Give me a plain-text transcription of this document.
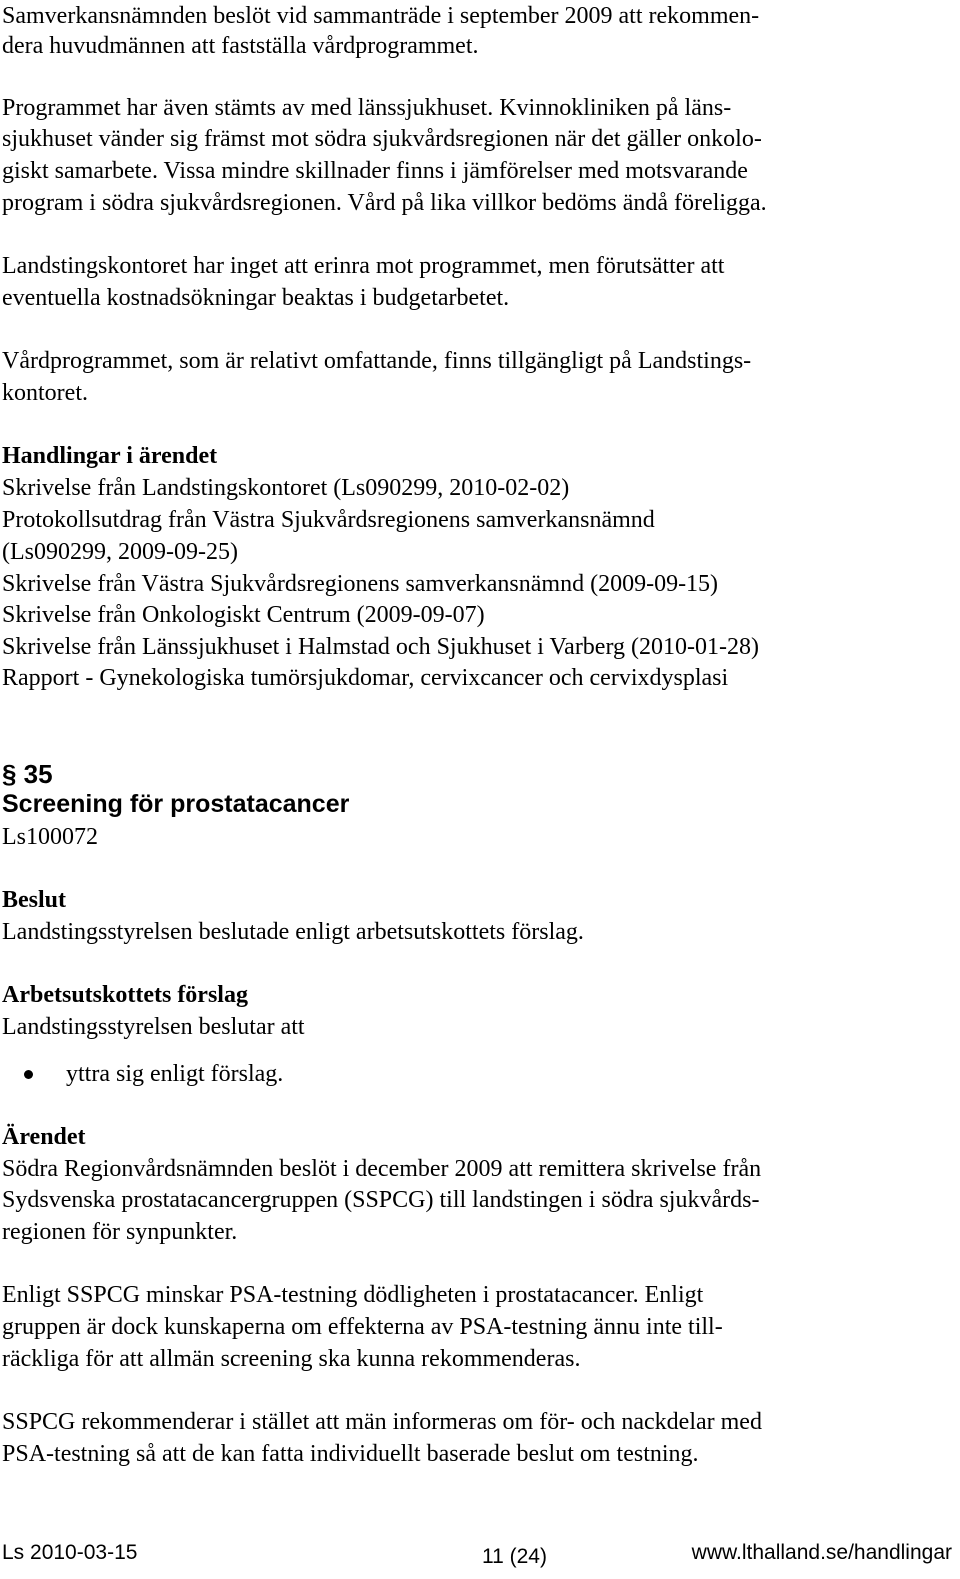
Samverkansnämnden beslöt vid sammanträde i september 2009 att rekommen-
dera huvudmännen att fastställa vårdprogrammet.
Programmet har även stämts av med länssjukhuset. Kvinnokliniken på läns-
sjukhuset vänder sig främst mot södra sjukvårdsregionen när det gäller onkolo-
giskt samarbete. Vissa mindre skillnader finns i jämförelser med motsvarande
program i södra sjukvårdsregionen. Vård på lika villkor bedöms ändå föreligga.
Landstingskontoret har inget att erinra mot programmet, men förutsätter att
eventuella kostnadsökningar beaktas i budgetarbetet.
Vårdprogrammet, som är relativt omfattande, finns tillgängligt på Landstings-
kontoret.
Handlingar i ärendet
Skrivelse från Landstingskontoret (Ls090299, 2010-02-02)
Protokollsutdrag från Västra Sjukvårdsregionens samverkansnämnd
(Ls090299, 2009-09-25)
Skrivelse från Västra Sjukvårdsregionens samverkansnämnd (2009-09-15)
Skrivelse från Onkologiskt Centrum (2009-09-07)
Skrivelse från Länssjukhuset i Halmstad och Sjukhuset i Varberg (2010-01-28)
Rapport - Gynekologiska tumörsjukdomar, cervixcancer och cervixdysplasi
§ 35
Screening för prostatacancer
Ls100072
Beslut
Landstingsstyrelsen beslutade enligt arbetsutskottets förslag.
Arbetsutskottets förslag
Landstingsstyrelsen beslutar att
yttra sig enligt förslag.
Ärendet
Södra Regionvårdsnämnden beslöt i december 2009 att remittera skrivelse från
Sydsvenska prostatacancergruppen (SSPCG) till landstingen i södra sjukvårds-
regionen för synpunkter.
Enligt SSPCG minskar PSA-testning dödligheten i prostatacancer. Enligt
gruppen är dock kunskaperna om effekterna av PSA-testning ännu inte till-
räckliga för att allmän screening ska kunna rekommenderas.
SSPCG rekommenderar i stället att män informeras om för- och nackdelar med
PSA-testning så att de kan fatta individuellt baserade beslut om testning.
Ls 2010-03-15	11 (24)	www.lthalland.se/handlingar
